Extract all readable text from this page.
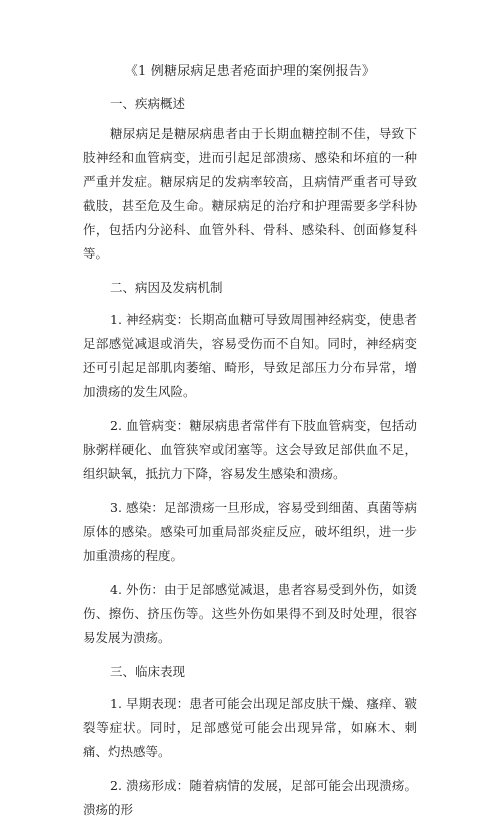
《1 例糖尿病足患者疮面护理的案例报告》
一、疾病概述

糖尿病足是糖尿病患者由于长期血糖控制不佳，导致下肢神经和血管病变，进而引起足部溃疡、感染和坏疽的一种严重并发症。糖尿病足的发病率较高，且病情严重者可导致截肢，甚至危及生命。糖尿病足的治疗和护理需要多学科协作，包括内分泌科、血管外科、骨科、感染科、创面修复科等。

二、病因及发病机制

1. 神经病变：长期高血糖可导致周围神经病变，使患者足部感觉减退或消失，容易受伤而不自知。同时，神经病变还可引起足部肌肉萎缩、畸形，导致足部压力分布异常，增加溃疡的发生风险。

2. 血管病变：糖尿病患者常伴有下肢血管病变，包括动脉粥样硬化、血管狭窄或闭塞等。这会导致足部供血不足，组织缺氧，抵抗力下降，容易发生感染和溃疡。

3. 感染：足部溃疡一旦形成，容易受到细菌、真菌等病原体的感染。感染可加重局部炎症反应，破坏组织，进一步加重溃疡的程度。

4. 外伤：由于足部感觉减退，患者容易受到外伤，如烫伤、擦伤、挤压伤等。这些外伤如果得不到及时处理，很容易发展为溃疡。

三、临床表现

1. 早期表现：患者可能会出现足部皮肤干燥、瘙痒、皲裂等症状。同时，足部感觉可能会出现异常，如麻木、刺痛、灼热感等。

2. 溃疡形成：随着病情的发展，足部可能会出现溃疡。溃疡的形
